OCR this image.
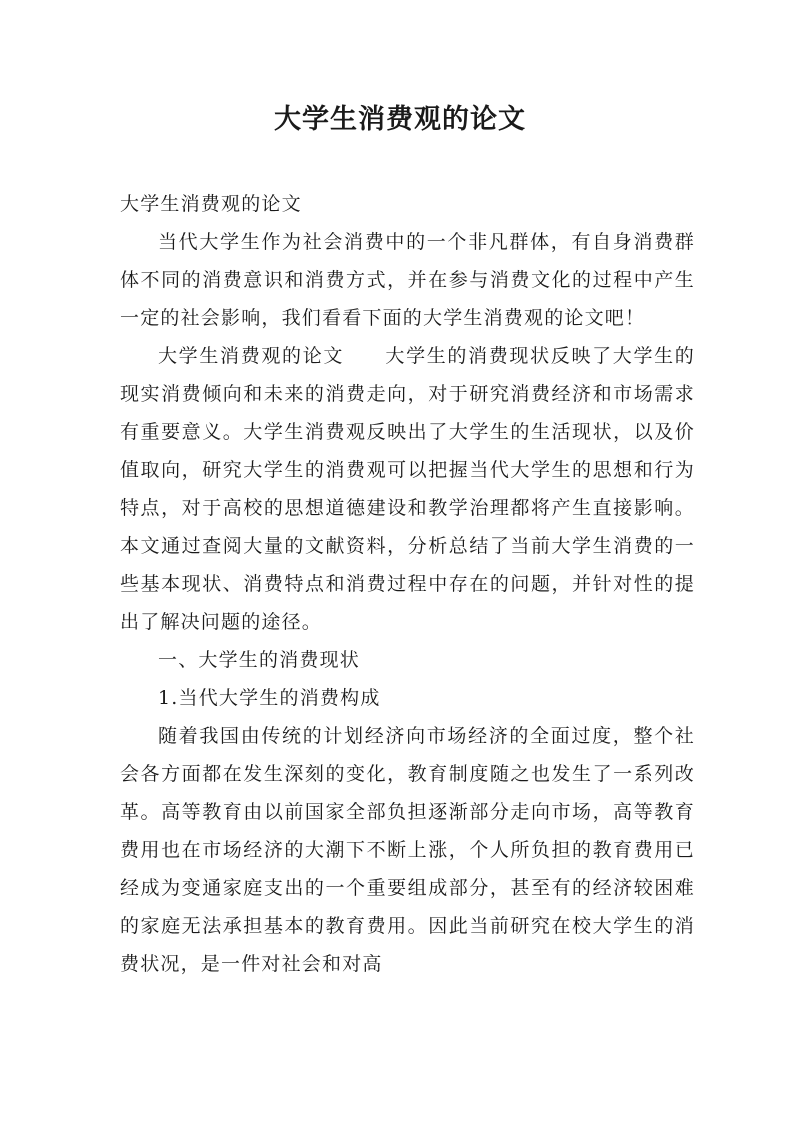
大学生消费观的论文

大学生消费观的论文

当代大学生作为社会消费中的一个非凡群体，有自身消费群体不同的消费意识和消费方式，并在参与消费文化的过程中产生一定的社会影响，我们看看下面的大学生消费观的论文吧！

大学生消费观的论文　　大学生的消费现状反映了大学生的现实消费倾向和未来的消费走向，对于研究消费经济和市场需求有重要意义。大学生消费观反映出了大学生的生活现状，以及价值取向，研究大学生的消费观可以把握当代大学生的思想和行为特点，对于高校的思想道德建设和教学治理都将产生直接影响。本文通过查阅大量的文献资料，分析总结了当前大学生消费的一些基本现状、消费特点和消费过程中存在的问题，并针对性的提出了解决问题的途径。

一、大学生的消费现状

1.当代大学生的消费构成

随着我国由传统的计划经济向市场经济的全面过度，整个社会各方面都在发生深刻的变化，教育制度随之也发生了一系列改革。高等教育由以前国家全部负担逐渐部分走向市场，高等教育费用也在市场经济的大潮下不断上涨，个人所负担的教育费用已经成为变通家庭支出的一个重要组成部分，甚至有的经济较困难的家庭无法承担基本的教育费用。因此当前研究在校大学生的消费状况，是一件对社会和对高
